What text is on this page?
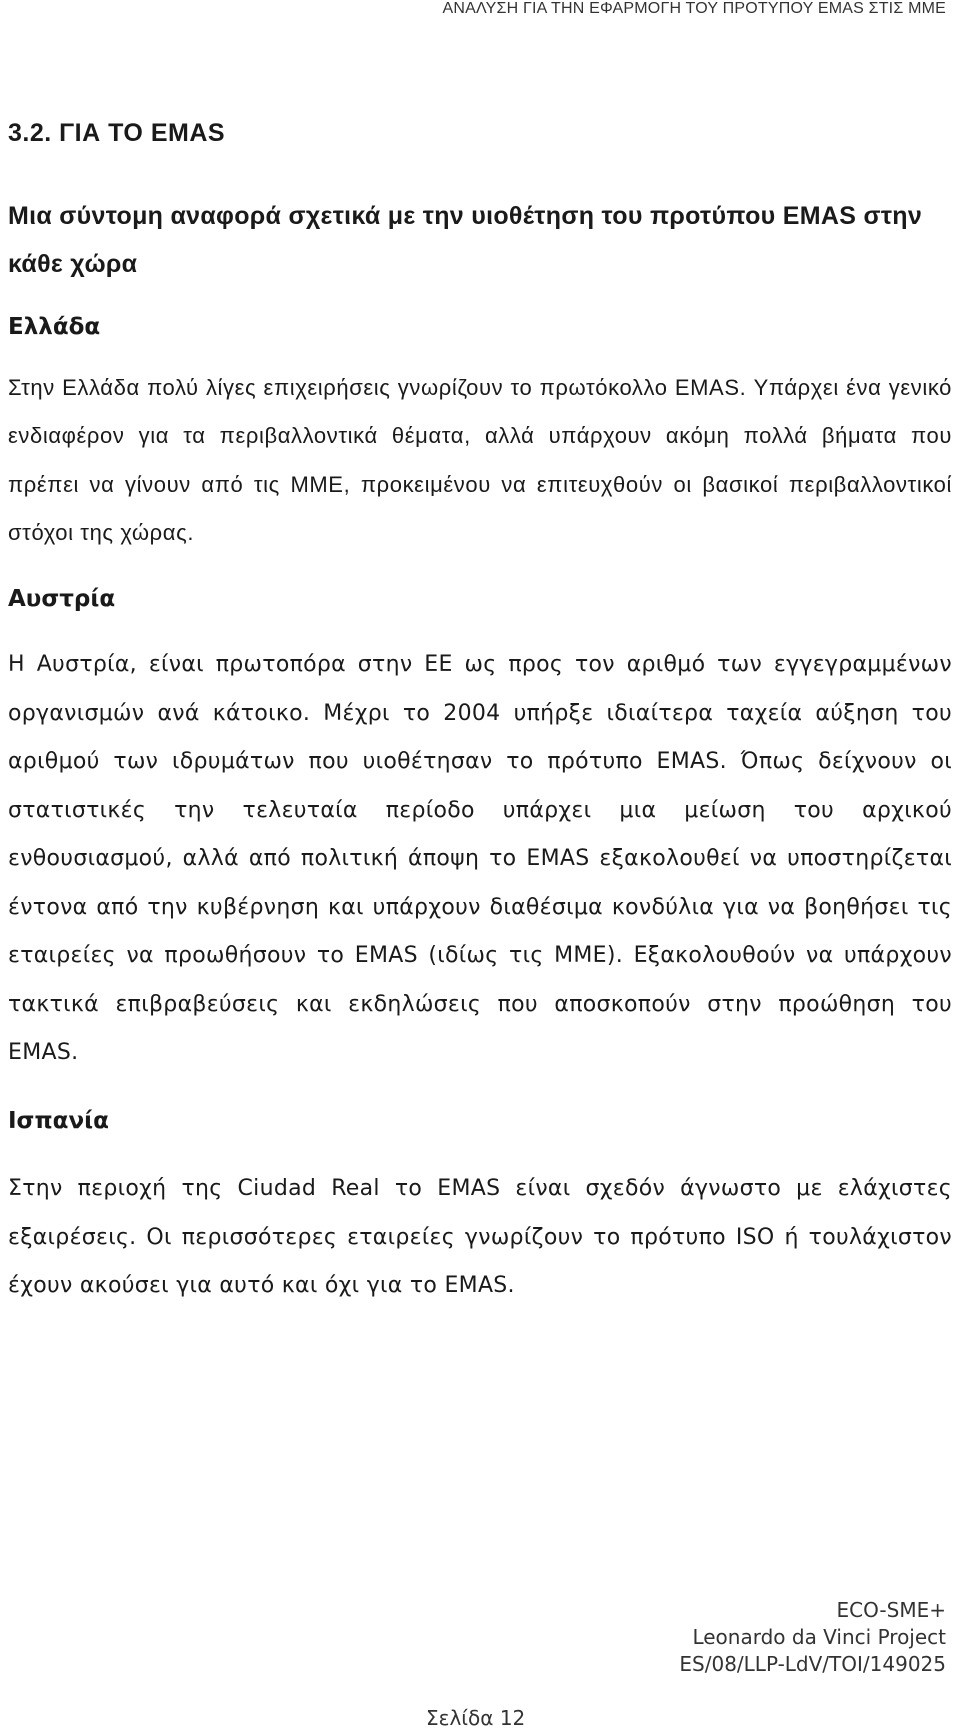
ΑΝΑΛΥΣΗ ΓΙΑ ΤΗΝ ΕΦΑΡΜΟΓΗ ΤΟΥ ΠΡΟΤΥΠΟΥ EMAS ΣΤΙΣ ΜΜΕ
3.2. ΓΙΑ ΤΟ EMAS
Μια σύντομη αναφορά σχετικά με την υιοθέτηση του προτύπου EMAS στην κάθε χώρα
Ελλάδα

Στην Ελλάδα πολύ λίγες επιχειρήσεις γνωρίζουν το πρωτόκολλο EMAS. Υπάρχει ένα γενικό ενδιαφέρον για τα περιβαλλοντικά θέματα, αλλά υπάρχουν ακόμη πολλά βήματα που πρέπει να γίνουν από τις ΜΜΕ, προκειμένου να επιτευχθούν οι βασικοί περιβαλλοντικοί στόχοι της χώρας.

Αυστρία

Η Αυστρία, είναι πρωτοπόρα στην ΕΕ ως προς τον αριθμό των εγγεγραμμένων οργανισμών ανά κάτοικο. Μέχρι το 2004 υπήρξε ιδιαίτερα ταχεία αύξηση του αριθμού των ιδρυμάτων που υιοθέτησαν το πρότυπο EMAS. Όπως δείχνουν οι στατιστικές την τελευταία περίοδο υπάρχει μια μείωση του αρχικού ενθουσιασμού, αλλά από πολιτική άποψη το EMAS εξακολουθεί να υποστηρίζεται έντονα από την κυβέρνηση και υπάρχουν διαθέσιμα κονδύλια για να βοηθήσει τις εταιρείες να προωθήσουν το EMAS (ιδίως τις ΜΜΕ). Εξακολουθούν να υπάρχουν τακτικά επιβραβεύσεις και εκδηλώσεις που αποσκοπούν στην προώθηση του EMAS.

Ισπανία

Στην περιοχή της Ciudad Real το EMAS είναι σχεδόν άγνωστο με ελάχιστες εξαιρέσεις. Οι περισσότερες εταιρείες γνωρίζουν το πρότυπο ISO ή τουλάχιστον έχουν ακούσει για αυτό και όχι για το EMAS.

ECO-SME+
Leonardo da Vinci Project
ES/08/LLP-LdV/TOI/149025
Σελίδα 12
